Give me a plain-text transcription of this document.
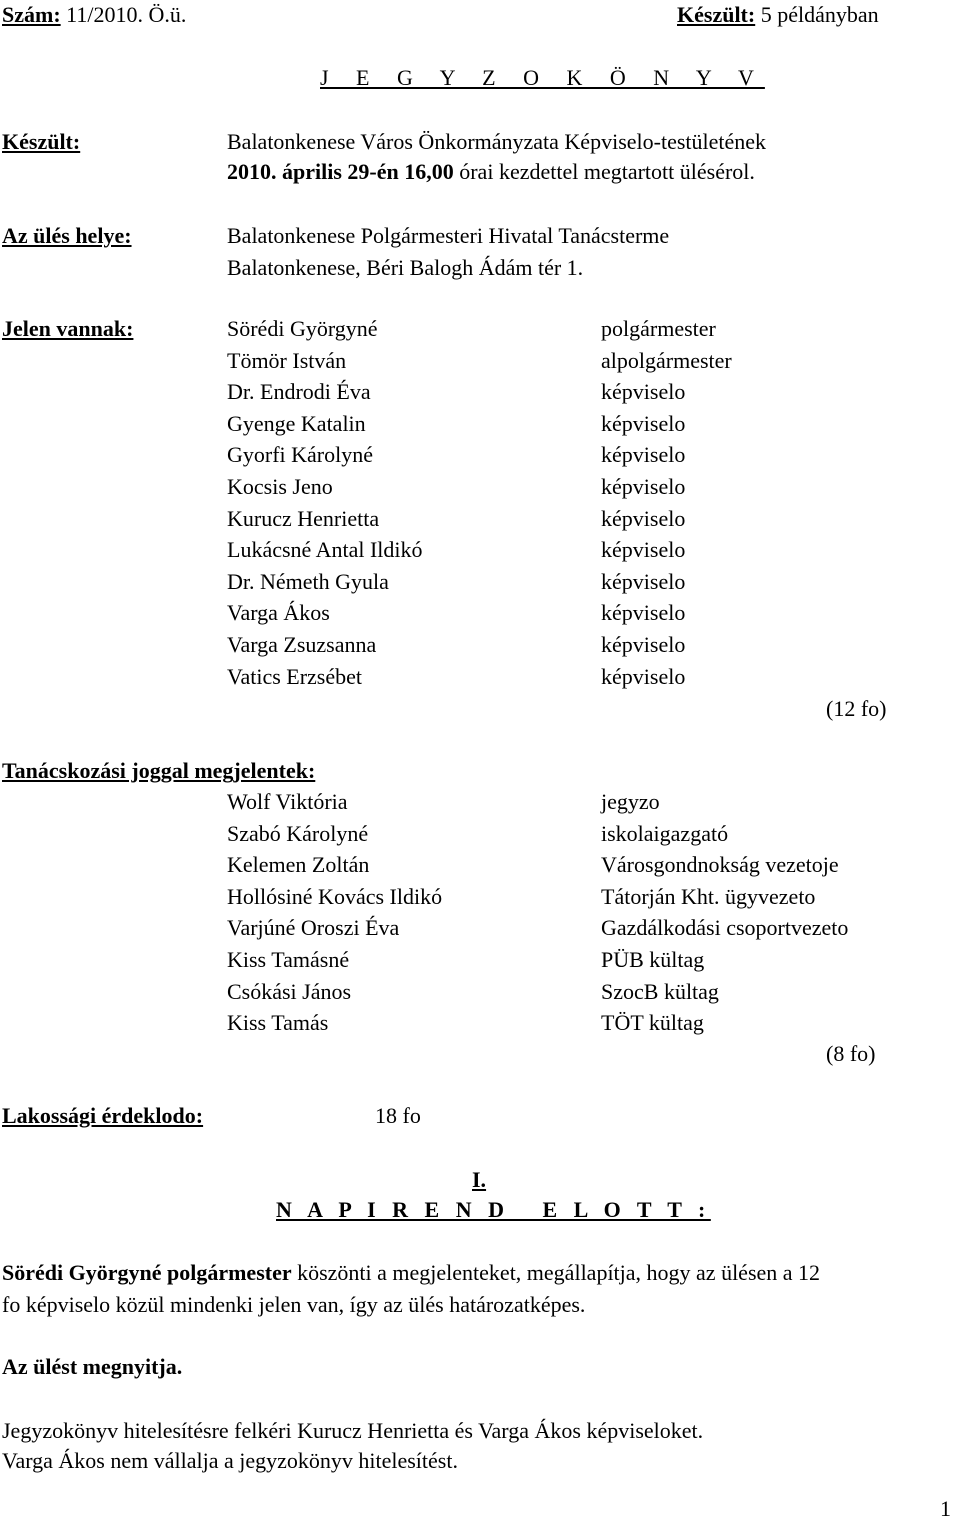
Szám: 11/2010. Ö.ü.	Készült: 5 példányban
J E G Y Z O K Ö N Y V
Készült:	Balatonkenese Város Önkormányzata Képviselo-testületének
2010. április 29-én 16,00 órai kezdettel megtartott ülésérol.
Az ülés helye:	Balatonkenese Polgármesteri Hivatal Tanácsterme
Balatonkenese, Béri Balogh Ádám tér 1.
Jelen vannak:	Sörédi Györgyné	polgármester
Tömör István	alpolgármester
Dr. Endrodi Éva	képviselo
Gyenge Katalin	képviselo
Gyorfi Károlyné	képviselo
Kocsis Jeno	képviselo
Kurucz Henrietta	képviselo
Lukácsné Antal Ildikó	képviselo
Dr. Németh Gyula	képviselo
Varga Ákos	képviselo
Varga Zsuzsanna	képviselo
Vatics Erzsébet	képviselo
(12 fo)
Tanácskozási joggal megjelentek:
Wolf Viktória	jegyzo
Szabó Károlyné	iskolaigazgató
Kelemen Zoltán	Városgondnokság vezetoje
Hollósiné Kovács Ildikó	Tátorján Kht. ügyvezeto
Varjúné Oroszi Éva	Gazdálkodási csoportvezeto
Kiss Tamásné	PÜB kültag
Csókási János	SzocB kültag
Kiss Tamás	TÖT kültag
(8 fo)
Lakossági érdeklodo:	18 fo
I.
N A P I R E N D   E L O T T :
Sörédi Györgyné polgármester köszönti a megjelenteket, megállapítja, hogy az ülésen a 12
fo képviselo közül mindenki jelen van, így az ülés határozatképes.
Az ülést megnyitja.
Jegyzokönyv hitelesítésre felkéri Kurucz Henrietta és Varga Ákos képviseloket.
Varga Ákos nem vállalja a jegyzokönyv hitelesítést.
1
